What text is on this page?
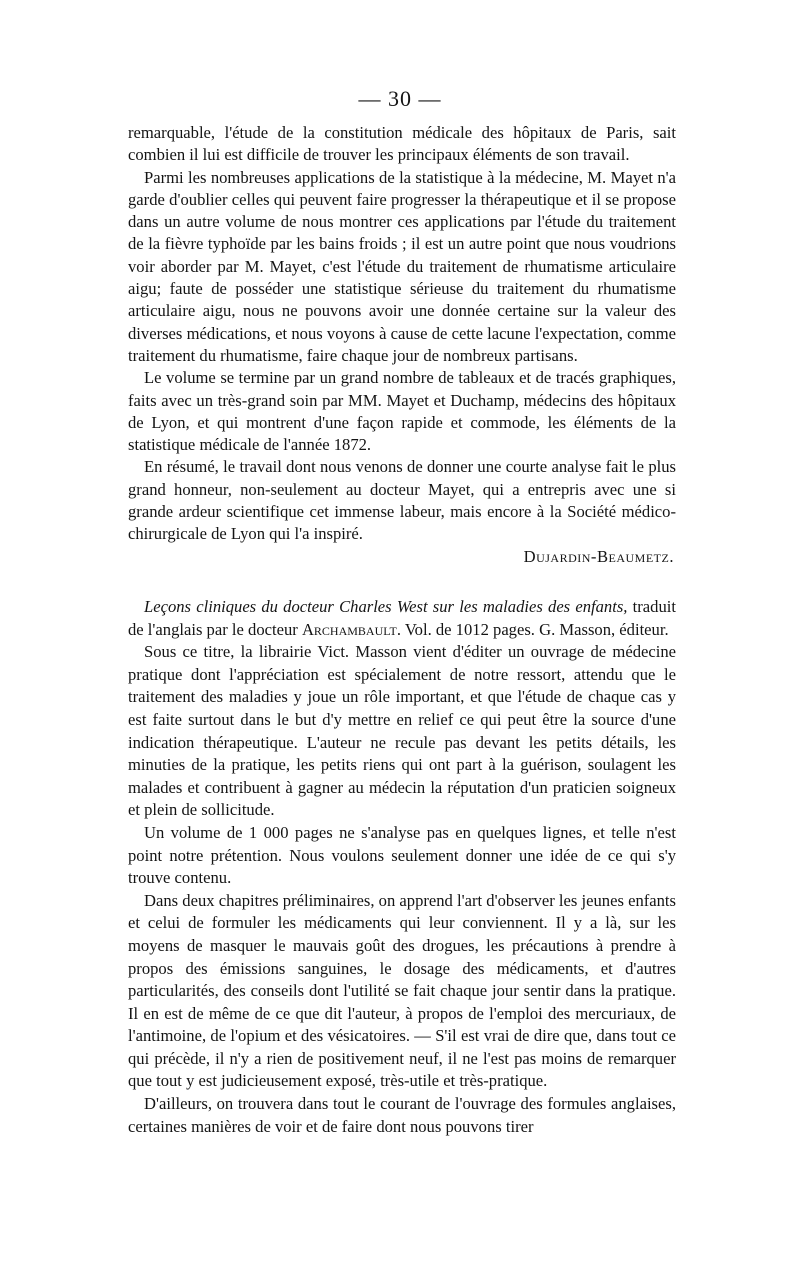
— 30 —

remarquable, l'étude de la constitution médicale des hôpitaux de Paris, sait combien il lui est difficile de trouver les principaux éléments de son travail.

Parmi les nombreuses applications de la statistique à la médecine, M. Mayet n'a garde d'oublier celles qui peuvent faire progresser la thérapeutique et il se propose dans un autre volume de nous montrer ces applications par l'étude du traitement de la fièvre typhoïde par les bains froids ; il est un autre point que nous voudrions voir aborder par M. Mayet, c'est l'étude du traitement de rhumatisme articulaire aigu; faute de posséder une statistique sérieuse du traitement du rhumatisme articulaire aigu, nous ne pouvons avoir une donnée certaine sur la valeur des diverses médications, et nous voyons à cause de cette lacune l'expectation, comme traitement du rhumatisme, faire chaque jour de nombreux partisans.

Le volume se termine par un grand nombre de tableaux et de tracés graphiques, faits avec un très-grand soin par MM. Mayet et Duchamp, médecins des hôpitaux de Lyon, et qui montrent d'une façon rapide et commode, les éléments de la statistique médicale de l'année 1872.

En résumé, le travail dont nous venons de donner une courte analyse fait le plus grand honneur, non-seulement au docteur Mayet, qui a entrepris avec une si grande ardeur scientifique cet immense labeur, mais encore à la Société médico-chirurgicale de Lyon qui l'a inspiré.

Dujardin-Beaumetz.

Leçons cliniques du docteur Charles West sur les maladies des enfants, traduit de l'anglais par le docteur Archambault. Vol. de 1012 pages. G. Masson, éditeur.

Sous ce titre, la librairie Vict. Masson vient d'éditer un ouvrage de médecine pratique dont l'appréciation est spécialement de notre ressort, attendu que le traitement des maladies y joue un rôle important, et que l'étude de chaque cas y est faite surtout dans le but d'y mettre en relief ce qui peut être la source d'une indication thérapeutique. L'auteur ne recule pas devant les petits détails, les minuties de la pratique, les petits riens qui ont part à la guérison, soulagent les malades et contribuent à gagner au médecin la réputation d'un praticien soigneux et plein de sollicitude.

Un volume de 1 000 pages ne s'analyse pas en quelques lignes, et telle n'est point notre prétention. Nous voulons seulement donner une idée de ce qui s'y trouve contenu.

Dans deux chapitres préliminaires, on apprend l'art d'observer les jeunes enfants et celui de formuler les médicaments qui leur conviennent. Il y a là, sur les moyens de masquer le mauvais goût des drogues, les précautions à prendre à propos des émissions sanguines, le dosage des médicaments, et d'autres particularités, des conseils dont l'utilité se fait chaque jour sentir dans la pratique. Il en est de même de ce que dit l'auteur, à propos de l'emploi des mercuriaux, de l'antimoine, de l'opium et des vésicatoires. — S'il est vrai de dire que, dans tout ce qui précède, il n'y a rien de positivement neuf, il ne l'est pas moins de remarquer que tout y est judicieusement exposé, très-utile et très-pratique.

D'ailleurs, on trouvera dans tout le courant de l'ouvrage des formules anglaises, certaines manières de voir et de faire dont nous pouvons tirer
